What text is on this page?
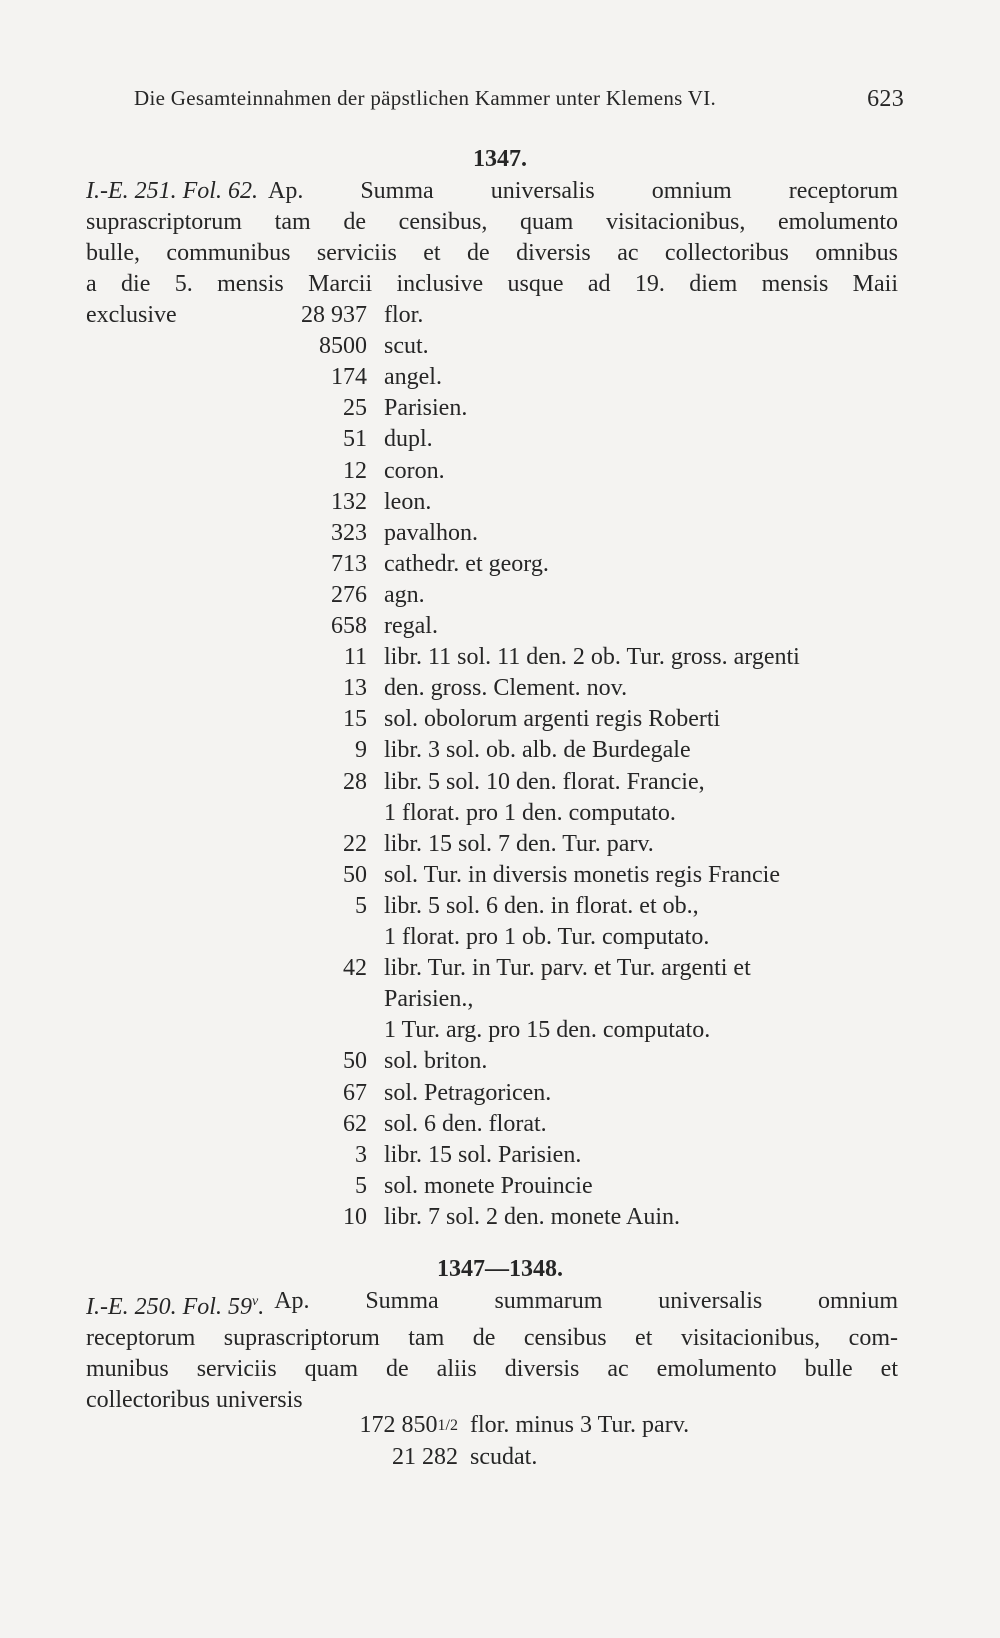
Die Gesamteinnahmen der päpstlichen Kammer unter Klemens VI.	623
1347.
I.-E. 251. Fol. 62. Ap. Summa universalis omnium receptorum
suprascriptorum tam de censibus, quam visitacionibus, emolumento
bulle, communibus serviciis et de diversis ac collectoribus omnibus
a die 5. mensis Marcii inclusive usque ad 19. diem mensis Maii
exclusive	28 937 flor.
8500 scut.
174 angel.
25 Parisien.
51 dupl.
12 coron.
132 leon.
323 pavalhon.
713 cathedr. et georg.
276 agn.
658 regal.
11 libr. 11 sol. 11 den. 2 ob. Tur. gross. argenti
13 den. gross. Clement. nov.
15 sol. obolorum argenti regis Roberti
9 libr. 3 sol. ob. alb. de Burdegale
28 libr. 5 sol. 10 den. florat. Francie,
1 florat. pro 1 den. computato.
22 libr. 15 sol. 7 den. Tur. parv.
50 sol. Tur. in diversis monetis regis Francie
5 libr. 5 sol. 6 den. in florat. et ob.,
1 florat. pro 1 ob. Tur. computato.
42 libr. Tur. in Tur. parv. et Tur. argenti et
Parisien.,
1 Tur. arg. pro 15 den. computato.
50 sol. briton.
67 sol. Petragoricen.
62 sol. 6 den. florat.
3 libr. 15 sol. Parisien.
5 sol. monete Prouincie
10 libr. 7 sol. 2 den. monete Auin.
1347—1348.
I.-E. 250. Fol. 59$^v$. Ap. Summa summarum universalis omnium
receptorum suprascriptorum tam de censibus et visitacionibus, com-
munibus serviciis quam de aliis diversis ac emolumento bulle et
collectoribus universis
172 8501/2 flor. minus 3 Tur. parv.
21 282 scudat.
